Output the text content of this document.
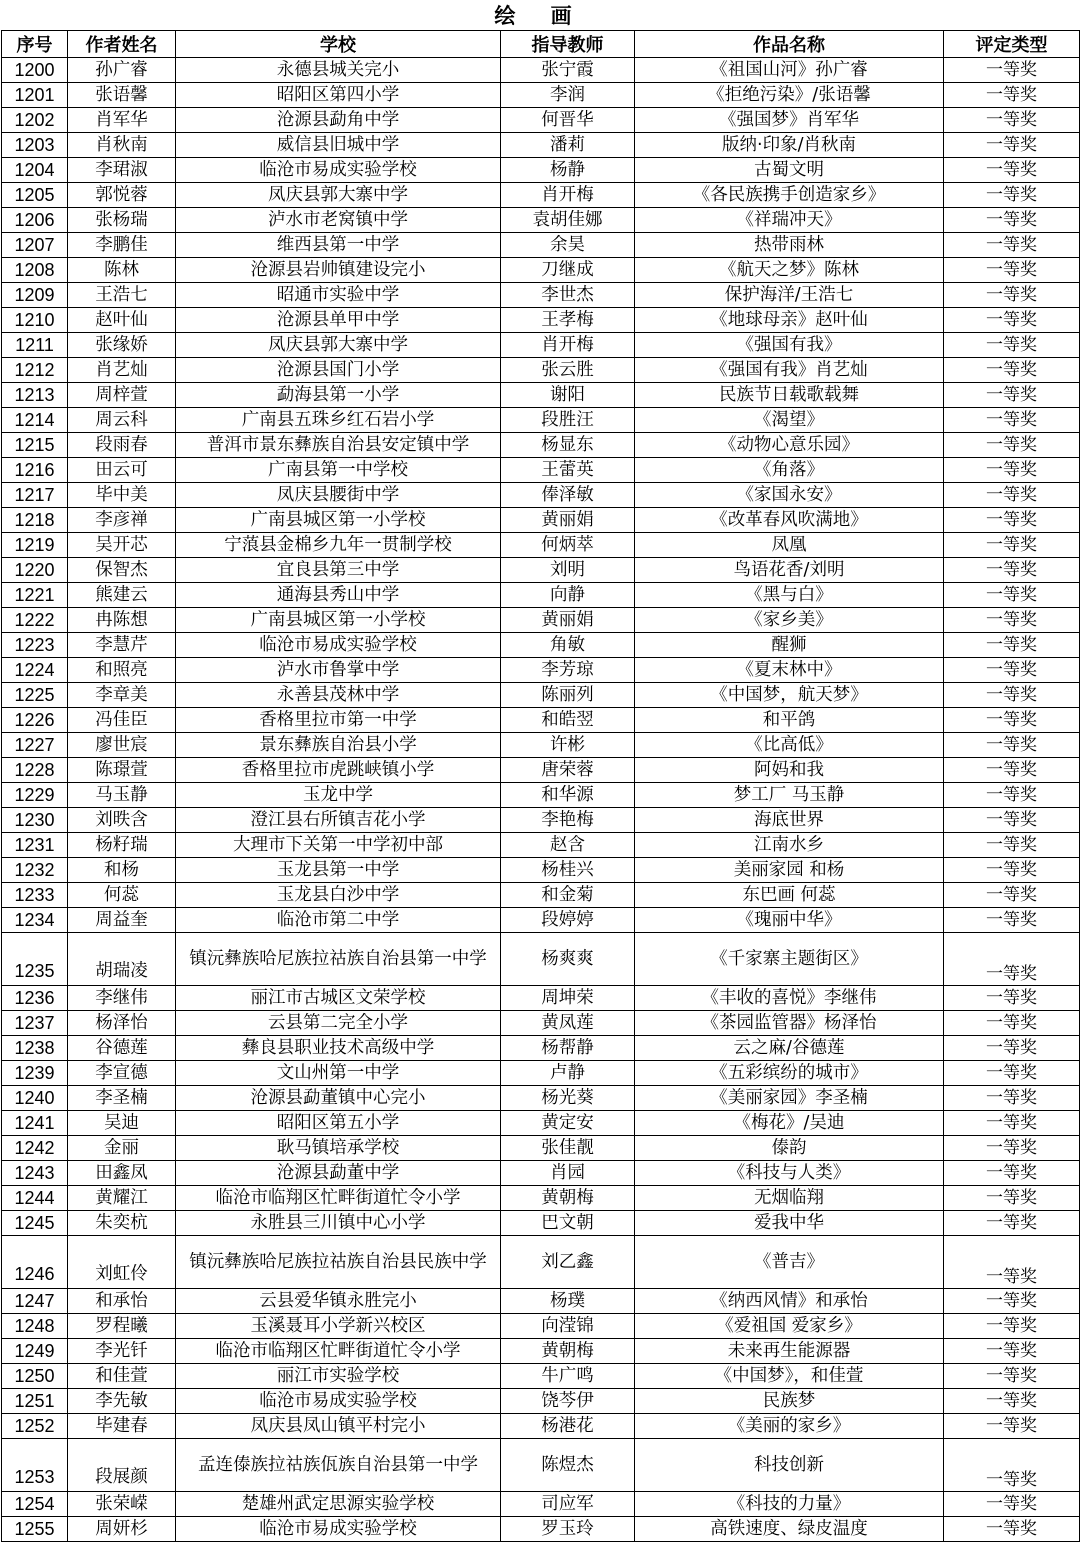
绘 画
序号	作者姓名	学校	指导教师	作品名称	评定类型
1200	孙广睿	永德县城关完小	张宁霞	《祖国山河》孙广睿	一等奖
1201	张语馨	昭阳区第四小学	李润	《拒绝污染》/张语馨	一等奖
1202	肖军华	沧源县勐角中学	何晋华	《强国梦》肖军华	一等奖
1203	肖秋南	威信县旧城中学	潘莉	版纳·印象/肖秋南	一等奖
1204	李珺淑	临沧市易成实验学校	杨静	古蜀文明	一等奖
1205	郭悦蓉	凤庆县郭大寨中学	肖开梅	《各民族携手创造家乡》	一等奖
1206	张杨瑞	泸水市老窝镇中学	袁胡佳娜	《祥瑞冲天》	一等奖
1207	李鹏佳	维西县第一中学	余昊	热带雨林	一等奖
1208	陈林	沧源县岩帅镇建设完小	刀继成	《航天之梦》陈林	一等奖
1209	王浩七	昭通市实验中学	李世杰	保护海洋/王浩七	一等奖
1210	赵叶仙	沧源县单甲中学	王孝梅	《地球母亲》赵叶仙	一等奖
1211	张缘娇	凤庆县郭大寨中学	肖开梅	《强国有我》	一等奖
1212	肖艺灿	沧源县国门小学	张云胜	《强国有我》肖艺灿	一等奖
1213	周梓萱	勐海县第一小学	谢阳	民族节日载歌载舞	一等奖
1214	周云科	广南县五珠乡红石岩小学	段胜汪	《渴望》	一等奖
1215	段雨春	普洱市景东彝族自治县安定镇中学	杨显东	《动物心意乐园》	一等奖
1216	田云可	广南县第一中学校	王蕾英	《角落》	一等奖
1217	毕中美	凤庆县腰街中学	俸泽敏	《家国永安》	一等奖
1218	李彦禅	广南县城区第一小学校	黄丽娟	《改革春风吹满地》	一等奖
1219	吴开芯	宁蒗县金棉乡九年一贯制学校	何炳萃	凤凰	一等奖
1220	保智杰	宜良县第三中学	刘明	鸟语花香/刘明	一等奖
1221	熊建云	通海县秀山中学	向静	《黑与白》	一等奖
1222	冉陈想	广南县城区第一小学校	黄丽娟	《家乡美》	一等奖
1223	李慧芹	临沧市易成实验学校	角敏	醒狮	一等奖
1224	和照亮	泸水市鲁掌中学	李芳琼	《夏末林中》	一等奖
1225	李章美	永善县茂林中学	陈丽列	《中国梦，航天梦》	一等奖
1226	冯佳臣	香格里拉市第一中学	和皓翌	和平鸽	一等奖
1227	廖世宸	景东彝族自治县小学	许彬	《比高低》	一等奖
1228	陈璟萱	香格里拉市虎跳峡镇小学	唐荣蓉	阿妈和我	一等奖
1229	马玉静	玉龙中学	和华源	梦工厂 马玉静	一等奖
1230	刘昳含	澄江县右所镇吉花小学	李艳梅	海底世界	一等奖
1231	杨籽瑞	大理市下关第一中学初中部	赵含	江南水乡	一等奖
1232	和杨	玉龙县第一中学	杨桂兴	美丽家园 和杨	一等奖
1233	何蕊	玉龙县白沙中学	和金菊	东巴画 何蕊	一等奖
1234	周益奎	临沧市第二中学	段婷婷	《瑰丽中华》	一等奖
1235	胡瑞凌	镇沅彝族哈尼族拉祜族自治县第一中学	杨爽爽	《千家寨主题街区》	一等奖
1236	李继伟	丽江市古城区文荣学校	周坤荣	《丰收的喜悦》李继伟	一等奖
1237	杨泽怡	云县第二完全小学	黄凤莲	《茶园监管器》杨泽怡	一等奖
1238	谷德莲	彝良县职业技术高级中学	杨帮静	云之麻/谷德莲	一等奖
1239	李宣德	文山州第一中学	卢静	《五彩缤纷的城市》	一等奖
1240	李圣楠	沧源县勐董镇中心完小	杨光葵	《美丽家园》李圣楠	一等奖
1241	吴迪	昭阳区第五小学	黄定安	《梅花》/吴迪	一等奖
1242	金丽	耿马镇培承学校	张佳靓	傣韵	一等奖
1243	田鑫凤	沧源县勐董中学	肖园	《科技与人类》	一等奖
1244	黄耀江	临沧市临翔区忙畔街道忙令小学	黄朝梅	无烟临翔	一等奖
1245	朱奕杭	永胜县三川镇中心小学	巴文朝	爱我中华	一等奖
1246	刘虹伶	镇沅彝族哈尼族拉祜族自治县民族中学	刘乙鑫	《普吉》	一等奖
1247	和承怡	云县爱华镇永胜完小	杨璞	《纳西风情》和承怡	一等奖
1248	罗程曦	玉溪聂耳小学新兴校区	向滢锦	《爱祖国 爱家乡》	一等奖
1249	李光钎	临沧市临翔区忙畔街道忙令小学	黄朝梅	未来再生能源器	一等奖
1250	和佳萱	丽江市实验学校	牛广鸣	《中国梦》，和佳萱	一等奖
1251	李先敏	临沧市易成实验学校	饶芩伊	民族梦	一等奖
1252	毕建春	凤庆县凤山镇平村完小	杨港花	《美丽的家乡》	一等奖
1253	段展颜	孟连傣族拉祜族佤族自治县第一中学	陈煜杰	科技创新	一等奖
1254	张荣嵘	楚雄州武定思源实验学校	司应军	《科技的力量》	一等奖
1255	周妍杉	临沧市易成实验学校	罗玉玲	高铁速度、绿皮温度	一等奖
